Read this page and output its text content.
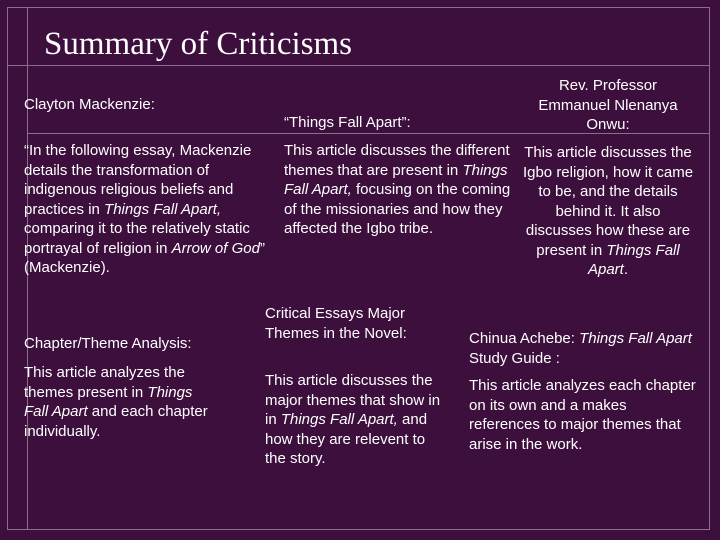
Summary of Criticisms
Clayton Mackenzie:
“In the following essay, Mackenzie details the transformation of indigenous religious beliefs and practices in Things Fall Apart, comparing it to the relatively static portrayal of religion in Arrow of God” (Mackenzie).
“Things Fall Apart”:
This article discusses the different themes that are present in Things Fall Apart, focusing on the coming of the missionaries and how they affected the Igbo tribe.
Rev. Professor Emmanuel Nlenanya Onwu:
This article discusses the Igbo religion, how it came to be, and the details behind it. It also discusses how these are present in Things Fall Apart.
Chapter/Theme Analysis:
This article analyzes the themes present in Things Fall Apart and each chapter individually.
Critical Essays Major Themes in the Novel:
This article discusses the major themes that show in in Things Fall Apart, and how they are relevent to the story.
Chinua Achebe: Things Fall Apart Study Guide :
This article analyzes each chapter on its own and a makes references to major themes that arise in the work.
